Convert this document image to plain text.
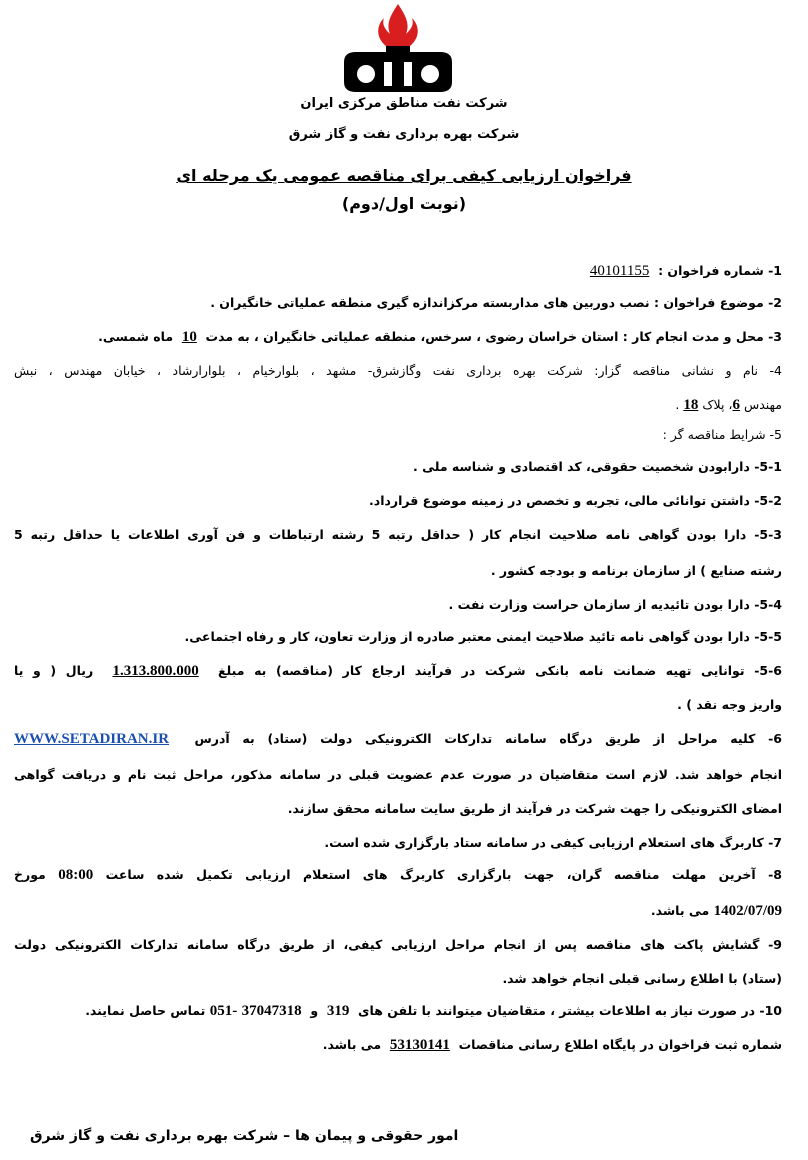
شرکت نفت مناطق مرکزی ایران
شرکت بهره برداری نفت و گاز شرق
فراخوان ارزیابی کیفی برای مناقصه عمومی یک مرحله ای
(نوبت اول/دوم)
1- شماره فراخوان :  40101155
2- موضوع فراخوان : نصب دوربین های مداربسته مرکزاندازه گیری منطقه عملیاتی خانگیران .
3- محل و مدت انجام کار : استان خراسان رضوی ، سرخس، منطقه عملیاتی خانگیران ، به مدت  10  ماه شمسی.
4- نام و نشانی مناقصه گزار: شرکت بهره برداری نفت وگازشرق- مشهد ، بلوارخیام ، بلوارارشاد ، خیابان مهندس ، نبش
مهندس 6، پلاک 18 .
5- شرایط مناقصه گر :
5-1- دارابودن شخصیت حقوقی، کد اقتصادی و شناسه ملی .
5-2- داشتن توانائی مالی، تجربه و تخصص در زمینه موضوع قرارداد.
5-3- دارا بودن گواهی نامه صلاحیت انجام کار ( حداقل رتبه 5 رشته ارتباطات و فن آوری اطلاعات یا حداقل رتبه 5
رشته صنایع ) از سازمان برنامه و بودجه کشور .
5-4- دارا بودن تائیدیه از سازمان حراست وزارت نفت .
5-5- دارا بودن گواهی نامه تائید صلاحیت ایمنی معتبر صادره از وزارت تعاون، کار و رفاه اجتماعی.
5-6- توانایی تهیه ضمانت نامه بانکی شرکت در فرآیند ارجاع کار (مناقصه) به مبلغ  1.313.800.000  ریال ( و یا
واریز وجه نقد ) .
6- کلیه مراحل از طریق درگاه سامانه تدارکات الکترونیکی دولت (ستاد) به آدرس  WWW.SETADIRAN.IR
انجام خواهد شد. لازم است متقاضیان در صورت عدم عضویت قبلی در سامانه مذکور، مراحل ثبت نام و دریافت گواهی
امضای الکترونیکی را جهت شرکت در فرآیند از طریق سایت سامانه محقق سازند.
7- کاربرگ های استعلام ارزیابی کیفی در سامانه ستاد بارگزاری شده است.
8- آخرین مهلت مناقصه گران، جهت بارگزاری کاربرگ های استعلام ارزیابی تکمیل شده ساعت 08:00 مورخ
1402/07/09 می باشد.
9- گشایش پاکت های مناقصه پس از انجام مراحل ارزیابی کیفی، از طریق درگاه سامانه تدارکات الکترونیکی دولت
(ستاد) با اطلاع رسانی قبلی انجام خواهد شد.
10- در صورت نیاز به اطلاعات بیشتر ، متقاضیان میتوانند با تلفن های  319  و  37047318 -051 تماس حاصل نمایند.
شماره ثبت فراخوان در پایگاه اطلاع رسانی مناقصات  53130141  می باشد.
امور حقوقی و پیمان ها – شرکت بهره برداری نفت و گاز شرق
